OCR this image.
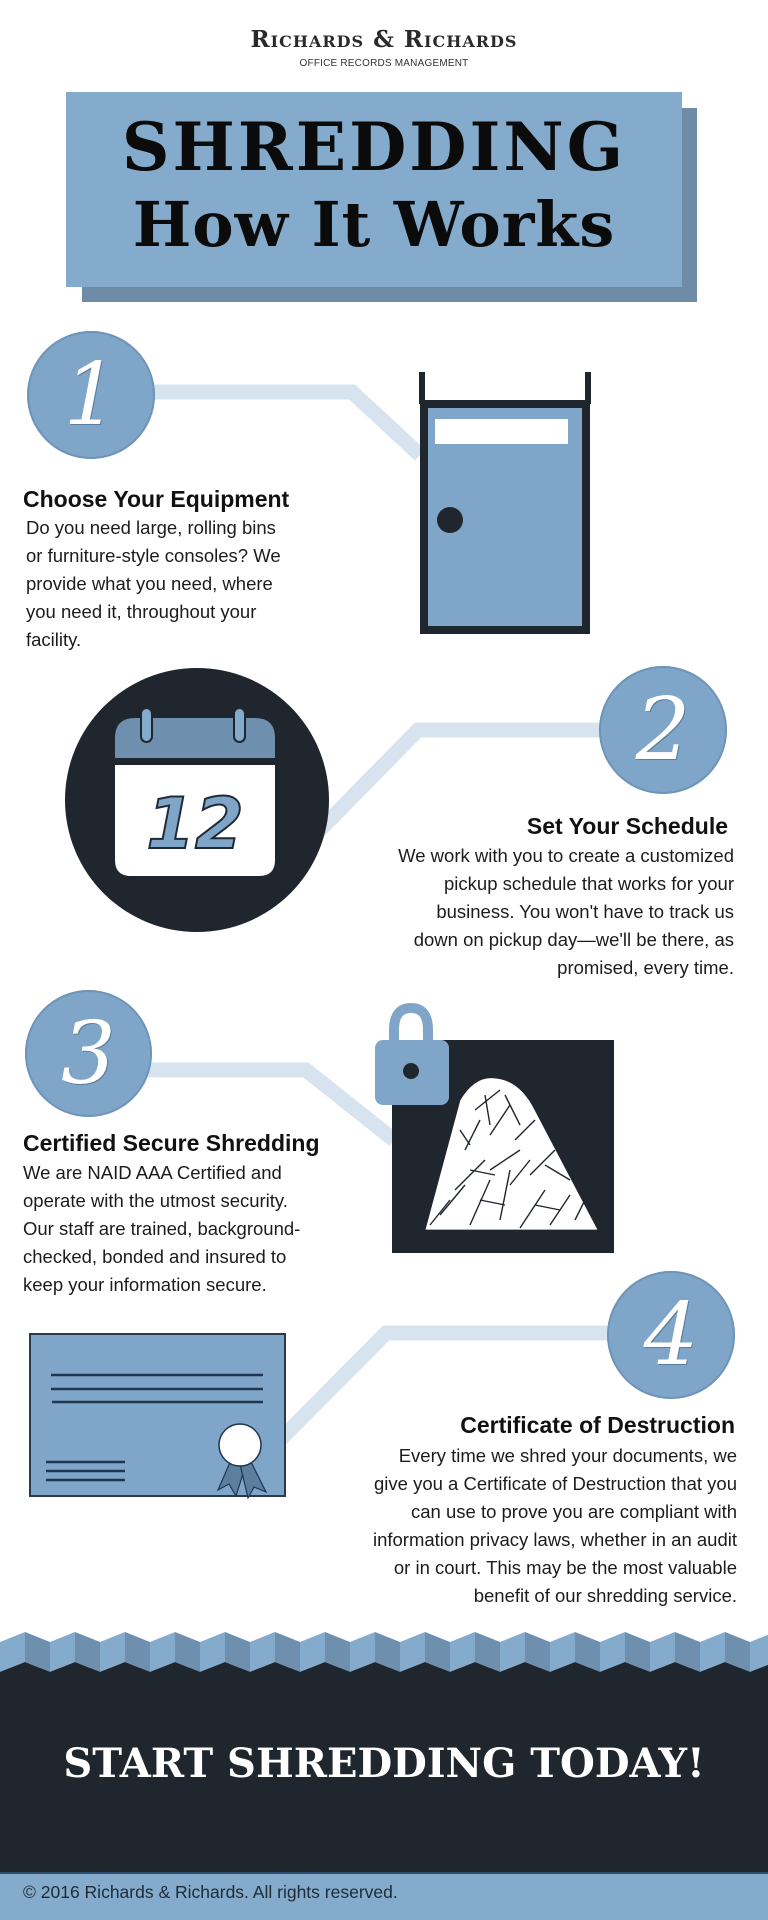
Richards & Richards
OFFICE RECORDS MANAGEMENT
SHREDDING
How It Works
1
Choose Your Equipment
Do you need large, rolling bins
or furniture-style consoles? We
provide what you need, where
you need it, throughout your
facility.
12
2
Set Your Schedule
We work with you to create a customized
pickup schedule that works for your
business. You won't have to track us
down on pickup day—we'll be there, as
promised, every time.
3
Certified Secure Shredding
We are NAID AAA Certified and
operate with the utmost security.
Our staff are trained, background-
checked, bonded and insured to
keep your information secure.
4
Certificate of Destruction
Every time we shred your documents, we
give you a Certificate of Destruction that you
can use to prove you are compliant with
information privacy laws, whether in an audit
or in court. This may be the most valuable
benefit of our shredding service.
START SHREDDING TODAY!
© 2016 Richards & Richards. All rights reserved.
